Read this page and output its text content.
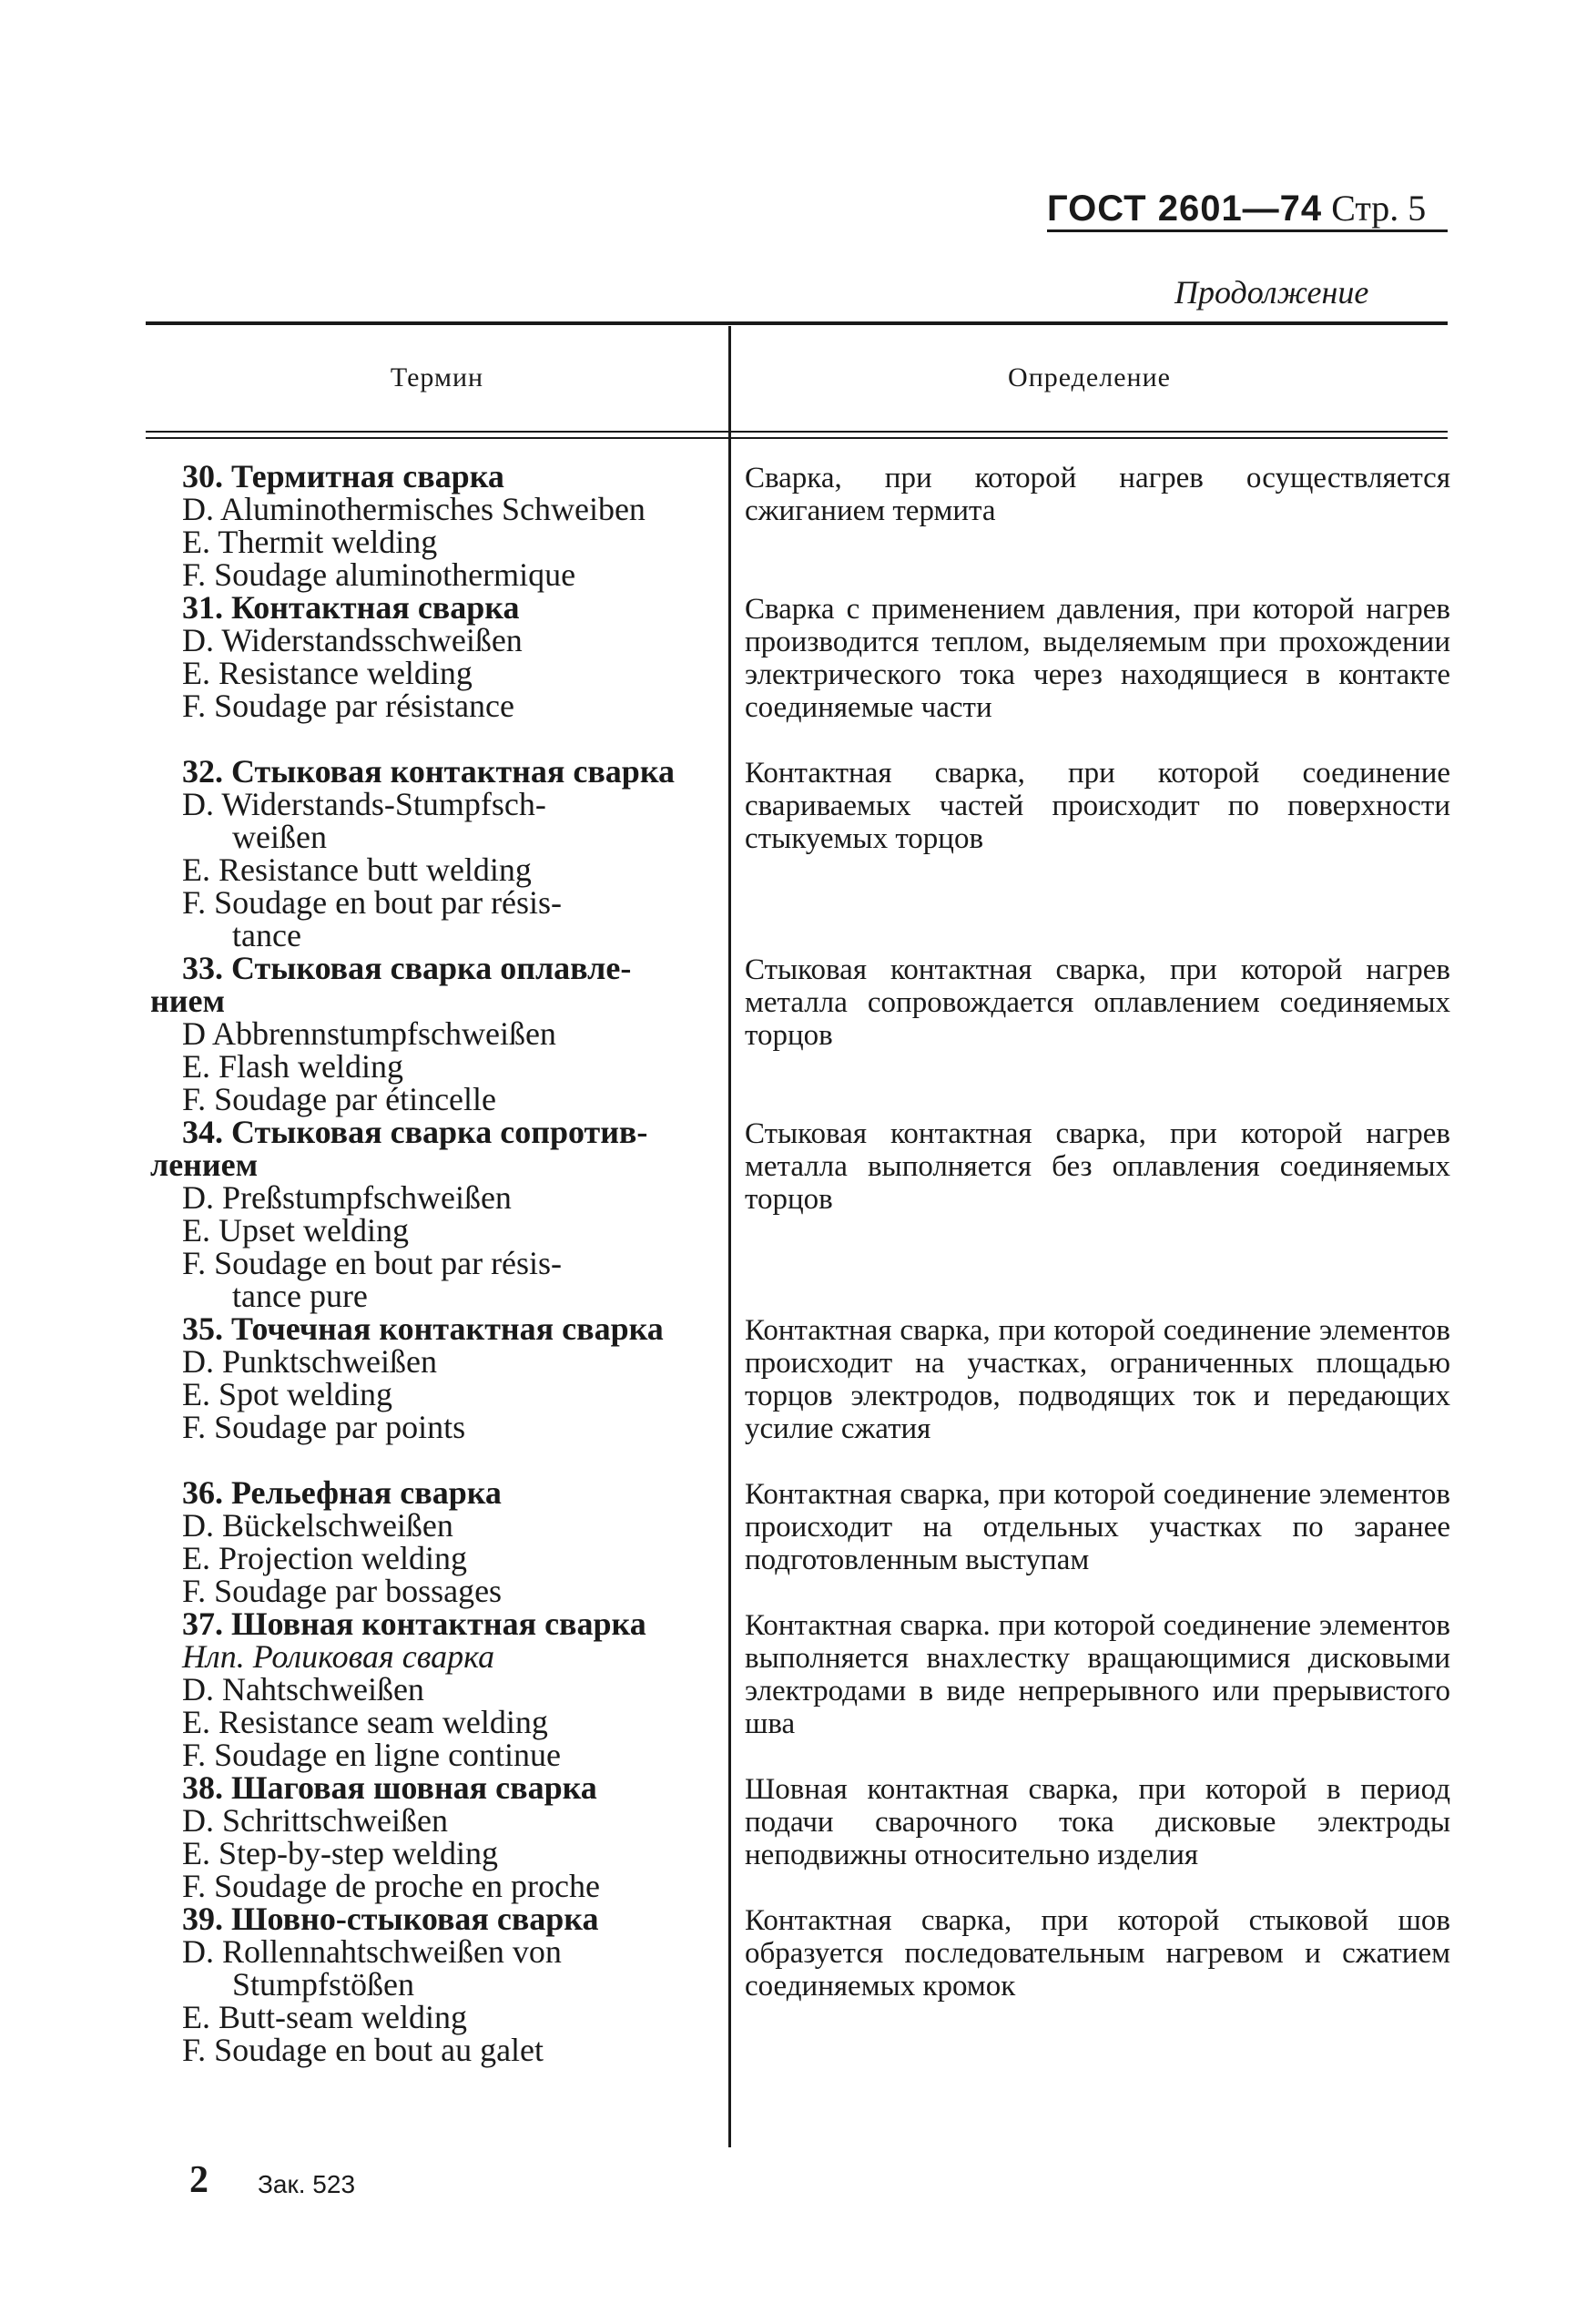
ГОСТ 2601—74 Стр. 5
Продолжение
Термин	Определение
30. Термитная сварка
D. Aluminothermisches Schweiben
E. Thermit welding
F. Soudage aluminothermique
Сварка, при которой нагрев осуществляется сжиганием термита
31. Контактная сварка
D. Widerstandsschweißen
E. Resistance welding
F. Soudage par résistance
Сварка с применением давления, при которой нагрев производится теплом, выделяемым при прохождении электрического тока через находящиеся в контакте соединяемые части
32. Стыковая контактная сварка
D. Widerstands-Stumpfsch-
weißen
E. Resistance butt welding
F. Soudage en bout par résis-
tance
Контактная сварка, при которой соединение свариваемых частей происходит по поверхности стыкуемых торцов
33. Стыковая сварка оплавле-
нием
D Abbrennstumpfschweißen
E. Flash welding
F. Soudage par étincelle
Стыковая контактная сварка, при которой нагрев металла сопровождается оплавлением соединяемых торцов
34. Стыковая сварка сопротив-
лением
D. Preßstumpfschweißen
E. Upset welding
F. Soudage en bout par résis-
tance pure
Стыковая контактная сварка, при которой нагрев металла выполняется без оплавления соединяемых торцов
35. Точечная контактная сварка
D. Punktschweißen
E. Spot welding
F. Soudage par points
Контактная сварка, при которой соединение элементов происходит на участках, ограниченных площадью торцов электродов, подводящих ток и передающих усилие сжатия
36. Рельефная сварка
D. Bückelschweißen
E. Projection welding
F. Soudage par bossages
Контактная сварка, при которой соединение элементов происходит на отдельных участках по заранее подготовленным выступам
37. Шовная контактная сварка
Нлп. Роликовая сварка
D. Nahtschweißen
E. Resistance seam welding
F. Soudage en ligne continue
Контактная сварка. при которой соединение элементов выполняется внахлестку вращающимися дисковыми электродами в виде непрерывного или прерывистого шва
38. Шаговая шовная сварка
D. Schrittschweißen
E. Step-by-step welding
F. Soudage de proche en proche
Шовная контактная сварка, при которой в период подачи сварочного тока дисковые электроды неподвижны относительно изделия
39. Шовно-стыковая сварка
D. Rollennahtschweißen von
Stumpfstößen
E. Butt-seam welding
F. Soudage en bout au galet
Контактная сварка, при которой стыковой шов образуется последовательным нагревом и сжатием соединяемых кромок
2 Зак. 523
